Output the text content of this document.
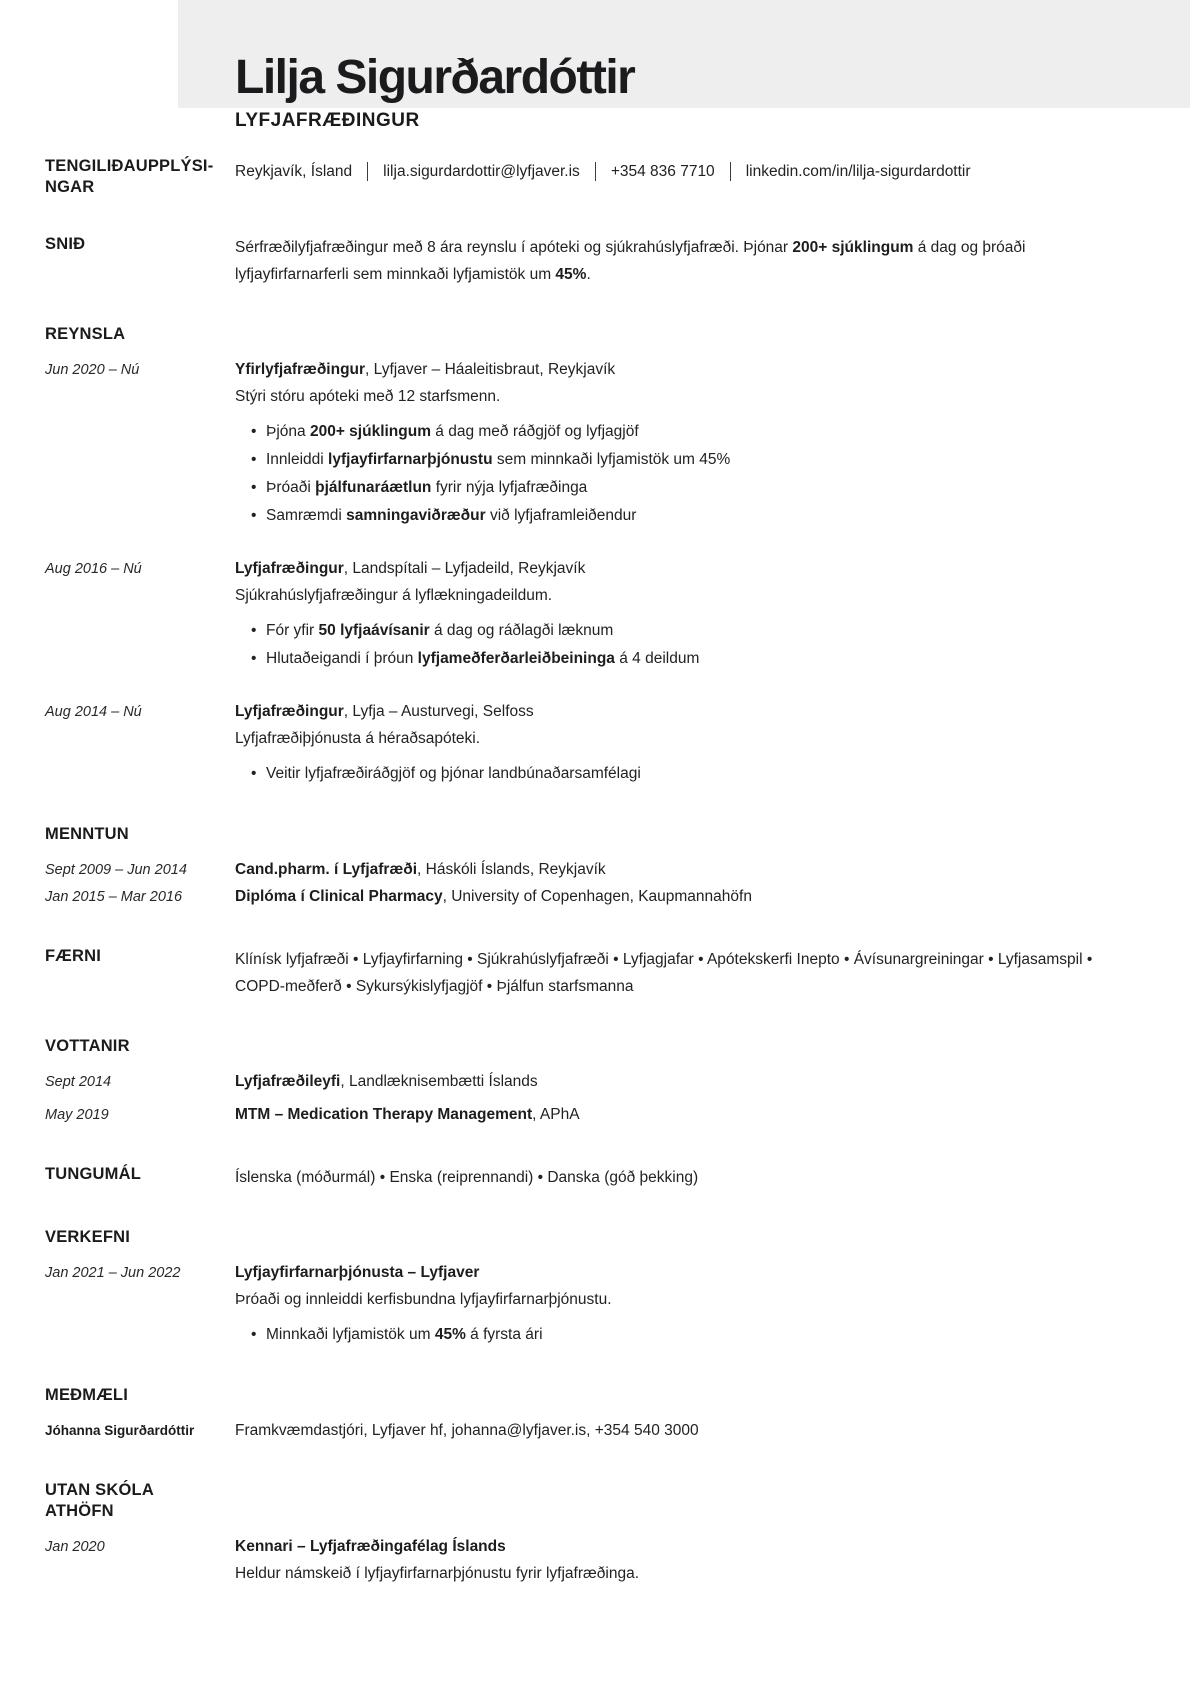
Lilja Sigurðardóttir
LYFJAFRÆÐINGUR
TENGILIÐAUPPLÝSINGAR
Reykjavík, Ísland lilja.sigurdardottir@lyfjaver.is +354 836 7710 linkedin.com/in/lilja-sigurdardottir
SNIÐ	Sérfræðilyfjafræðingur með 8 ára reynslu í apóteki og sjúkrahúslyfjafræði. Þjónar 200+ sjúklingum á dag og þróaði lyfjayfirfarnarferli sem minnkaði lyfjamistök um 45%.

REYNSLA
Jun 2020 – Nú	Yfirlyfjafræðingur, Lyfjaver – Háaleitisbraut, Reykjavík

Stýri stóru apóteki með 12 starfsmenn.

• Þjóna 200+ sjúklingum á dag með ráðgjöf og lyfjagjöf
• Innleiddi lyfjayfirfarnarþjónustu sem minnkaði lyfjamistök um 45%
• Þróaði þjálfunaráætlun fyrir nýja lyfjafræðinga
• Samræmdi samningaviðræður við lyfjaframleiðendur
Aug 2016 – Nú	Lyfjafræðingur, Landspítali – Lyfjadeild, Reykjavík

Sjúkrahúslyfjafræðingur á lyflækningadeildum.

• Fór yfir 50 lyfjaávísanir á dag og ráðlagði læknum
• Hlutaðeigandi í þróun lyfjameðferðarleiðbeininga á 4 deildum
Aug 2014 – Nú	Lyfjafræðingur, Lyfja – Austurvegi, Selfoss

Lyfjafræðiþjónusta á héraðsapóteki.

• Veitir lyfjafræðiráðgjöf og þjónar landbúnaðarsamfélagi
MENNTUN
Sept 2009 – Jun 2014	Cand.pharm. í Lyfjafræði, Háskóli Íslands, Reykjavík

Jan 2015 – Mar 2016	Diplóma í Clinical Pharmacy, University of Copenhagen, Kaupmannahöfn

FÆRNI	Klínísk lyfjafræði • Lyfjayfirfarning • Sjúkrahúslyfjafræði • Lyfjagjafar • Apótekskerfi Inepto • Ávísunargreiningar • Lyfjasamspil • COPD-meðferð • Sykursýkislyfjagjöf • Þjálfun starfsmanna

VOTTANIR
Sept 2014	Lyfjafræðileyfi, Landlæknisembætti Íslands

May 2019	MTM – Medication Therapy Management, APhA

TUNGUMÁL	Íslenska (móðurmál) • Enska (reiprennandi) • Danska (góð þekking)

VERKEFNI
Jan 2021 – Jun 2022	Lyfjayfirfarnarþjónusta – Lyfjaver

Þróaði og innleiddi kerfisbundna lyfjayfirfarnarþjónustu.

• Minnkaði lyfjamistök um 45% á fyrsta ári
MEÐMÆLI
Jóhanna Sigurðardóttir	Framkvæmdastjóri, Lyfjaver hf, johanna@lyfjaver.is, +354 540 3000

UTAN SKÓLA ATHÖFN
Jan 2020	Kennari – Lyfjafræðingafélag Íslands

Heldur námskeið í lyfjayfirfarnarþjónustu fyrir lyfjafræðinga.
